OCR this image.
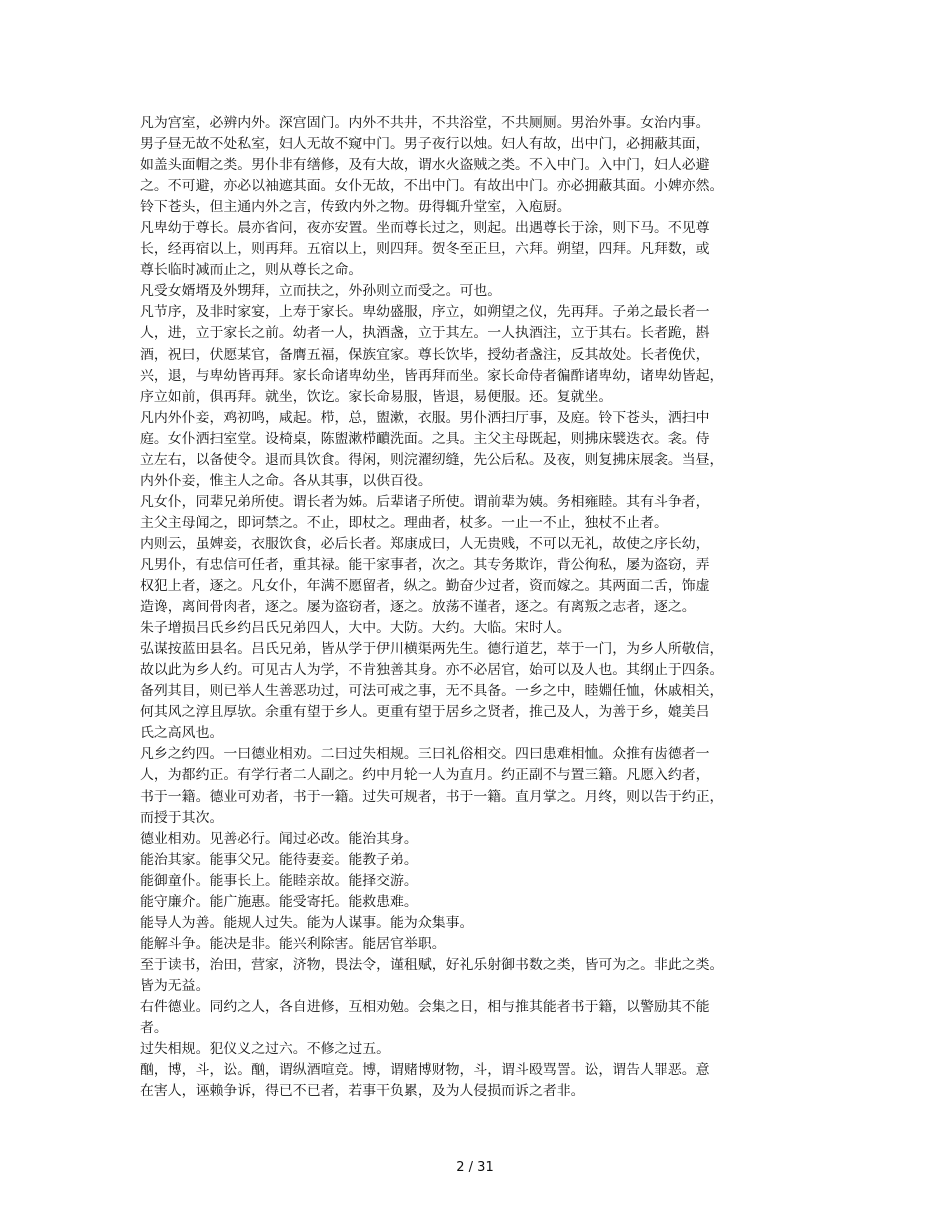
凡为宫室，必辨内外。深宫固门。内外不共井，不共浴堂，不共厕厕。男治外事。女治内事。
男子昼无故不处私室，妇人无故不窥中门。男子夜行以烛。妇人有故，出中门，必拥蔽其面，
如盖头面帽之类。男仆非有缮修，及有大故，谓水火盗贼之类。不入中门。入中门，妇人必避
之。不可避，亦必以袖遮其面。女仆无故，不出中门。有故出中门。亦必拥蔽其面。小婢亦然。
铃下苍头，但主通内外之言，传致内外之物。毋得辄升堂室，入庖厨。
凡卑幼于尊长。晨亦省问，夜亦安置。坐而尊长过之，则起。出遇尊长于涂，则下马。不见尊
长，经再宿以上，则再拜。五宿以上，则四拜。贺冬至正旦，六拜。朔望，四拜。凡拜数，或
尊长临时减而止之，则从尊长之命。
凡受女婿壻及外甥拜，立而扶之，外孙则立而受之。可也。
凡节序，及非时家宴，上寿于家长。卑幼盛服，序立，如朔望之仪，先再拜。子弟之最长者一
人，进，立于家长之前。幼者一人，执酒盏，立于其左。一人执酒注，立于其右。长者跪，斟
酒，祝曰，伏愿某官，备膺五福，保族宜家。尊长饮毕，授幼者盏注，反其故处。长者俛伏，
兴，退，与卑幼皆再拜。家长命诸卑幼坐，皆再拜而坐。家长命侍者徧酢诸卑幼，诸卑幼皆起，
序立如前，俱再拜。就坐，饮讫。家长命易服，皆退，易便服。还。复就坐。
凡内外仆妾，鸡初鸣，咸起。栉，总，盥漱，衣服。男仆洒扫厅事，及庭。铃下苍头，洒扫中
庭。女仆洒扫室堂。设椅桌，陈盥漱栉靧洗面。之具。主父主母既起，则拂床襞迭衣。衾。侍
立左右，以备使令。退而具饮食。得闲，则浣濯纫缝，先公后私。及夜，则复拂床展衾。当昼，
内外仆妾，惟主人之命。各从其事，以供百役。
凡女仆，同辈兄弟所使。谓长者为姊。后辈诸子所使。谓前辈为姨。务相雍睦。其有斗争者，
主父主母闻之，即诃禁之。不止，即杖之。理曲者，杖多。一止一不止，独杖不止者。
内则云，虽婢妾，衣服饮食，必后长者。郑康成曰，人无贵贱，不可以无礼，故使之序长幼，
凡男仆，有忠信可任者，重其禄。能干家事者，次之。其专务欺诈，背公徇私，屡为盗窃，弄
权犯上者，逐之。凡女仆，年满不愿留者，纵之。勤奋少过者，资而嫁之。其两面二舌，饰虚
造谗，离间骨肉者，逐之。屡为盗窃者，逐之。放荡不谨者，逐之。有离叛之志者，逐之。
朱子增损吕氏乡约吕氏兄弟四人，大中。大防。大约。大临。宋时人。
弘谋按蓝田县名。吕氏兄弟，皆从学于伊川横渠两先生。德行道艺，萃于一门，为乡人所敬信，
故以此为乡人约。可见古人为学，不肯独善其身。亦不必居官，始可以及人也。其纲止于四条。
备列其目，则已举人生善恶功过，可法可戒之事，无不具备。一乡之中，睦婣任恤，休戚相关，
何其风之淳且厚欤。余重有望于乡人。更重有望于居乡之贤者，推己及人，为善于乡，媲美吕
氏之高风也。
凡乡之约四。一曰德业相劝。二曰过失相规。三曰礼俗相交。四曰患难相恤。众推有齿德者一
人，为都约正。有学行者二人副之。约中月轮一人为直月。约正副不与置三籍。凡愿入约者，
书于一籍。德业可劝者，书于一籍。过失可规者，书于一籍。直月掌之。月终，则以告于约正，
而授于其次。
德业相劝。见善必行。闻过必改。能治其身。
能治其家。能事父兄。能待妻妾。能教子弟。
能御童仆。能事长上。能睦亲故。能择交游。
能守廉介。能广施惠。能受寄托。能救患难。
能导人为善。能规人过失。能为人谋事。能为众集事。
能解斗争。能决是非。能兴利除害。能居官举职。
至于读书，治田，营家，济物，畏法令，谨租赋，好礼乐射御书数之类，皆可为之。非此之类。
皆为无益。
右件德业。同约之人，各自进修，互相劝勉。会集之日，相与推其能者书于籍，以警励其不能
者。
过失相规。犯仪义之过六。不修之过五。
酗，博，斗，讼。酗，谓纵酒喧竞。博，谓赌博财物，斗，谓斗殴骂詈。讼，谓告人罪恶。意
在害人，诬赖争诉，得已不已者，若事干负累，及为人侵损而诉之者非。
2 / 31
